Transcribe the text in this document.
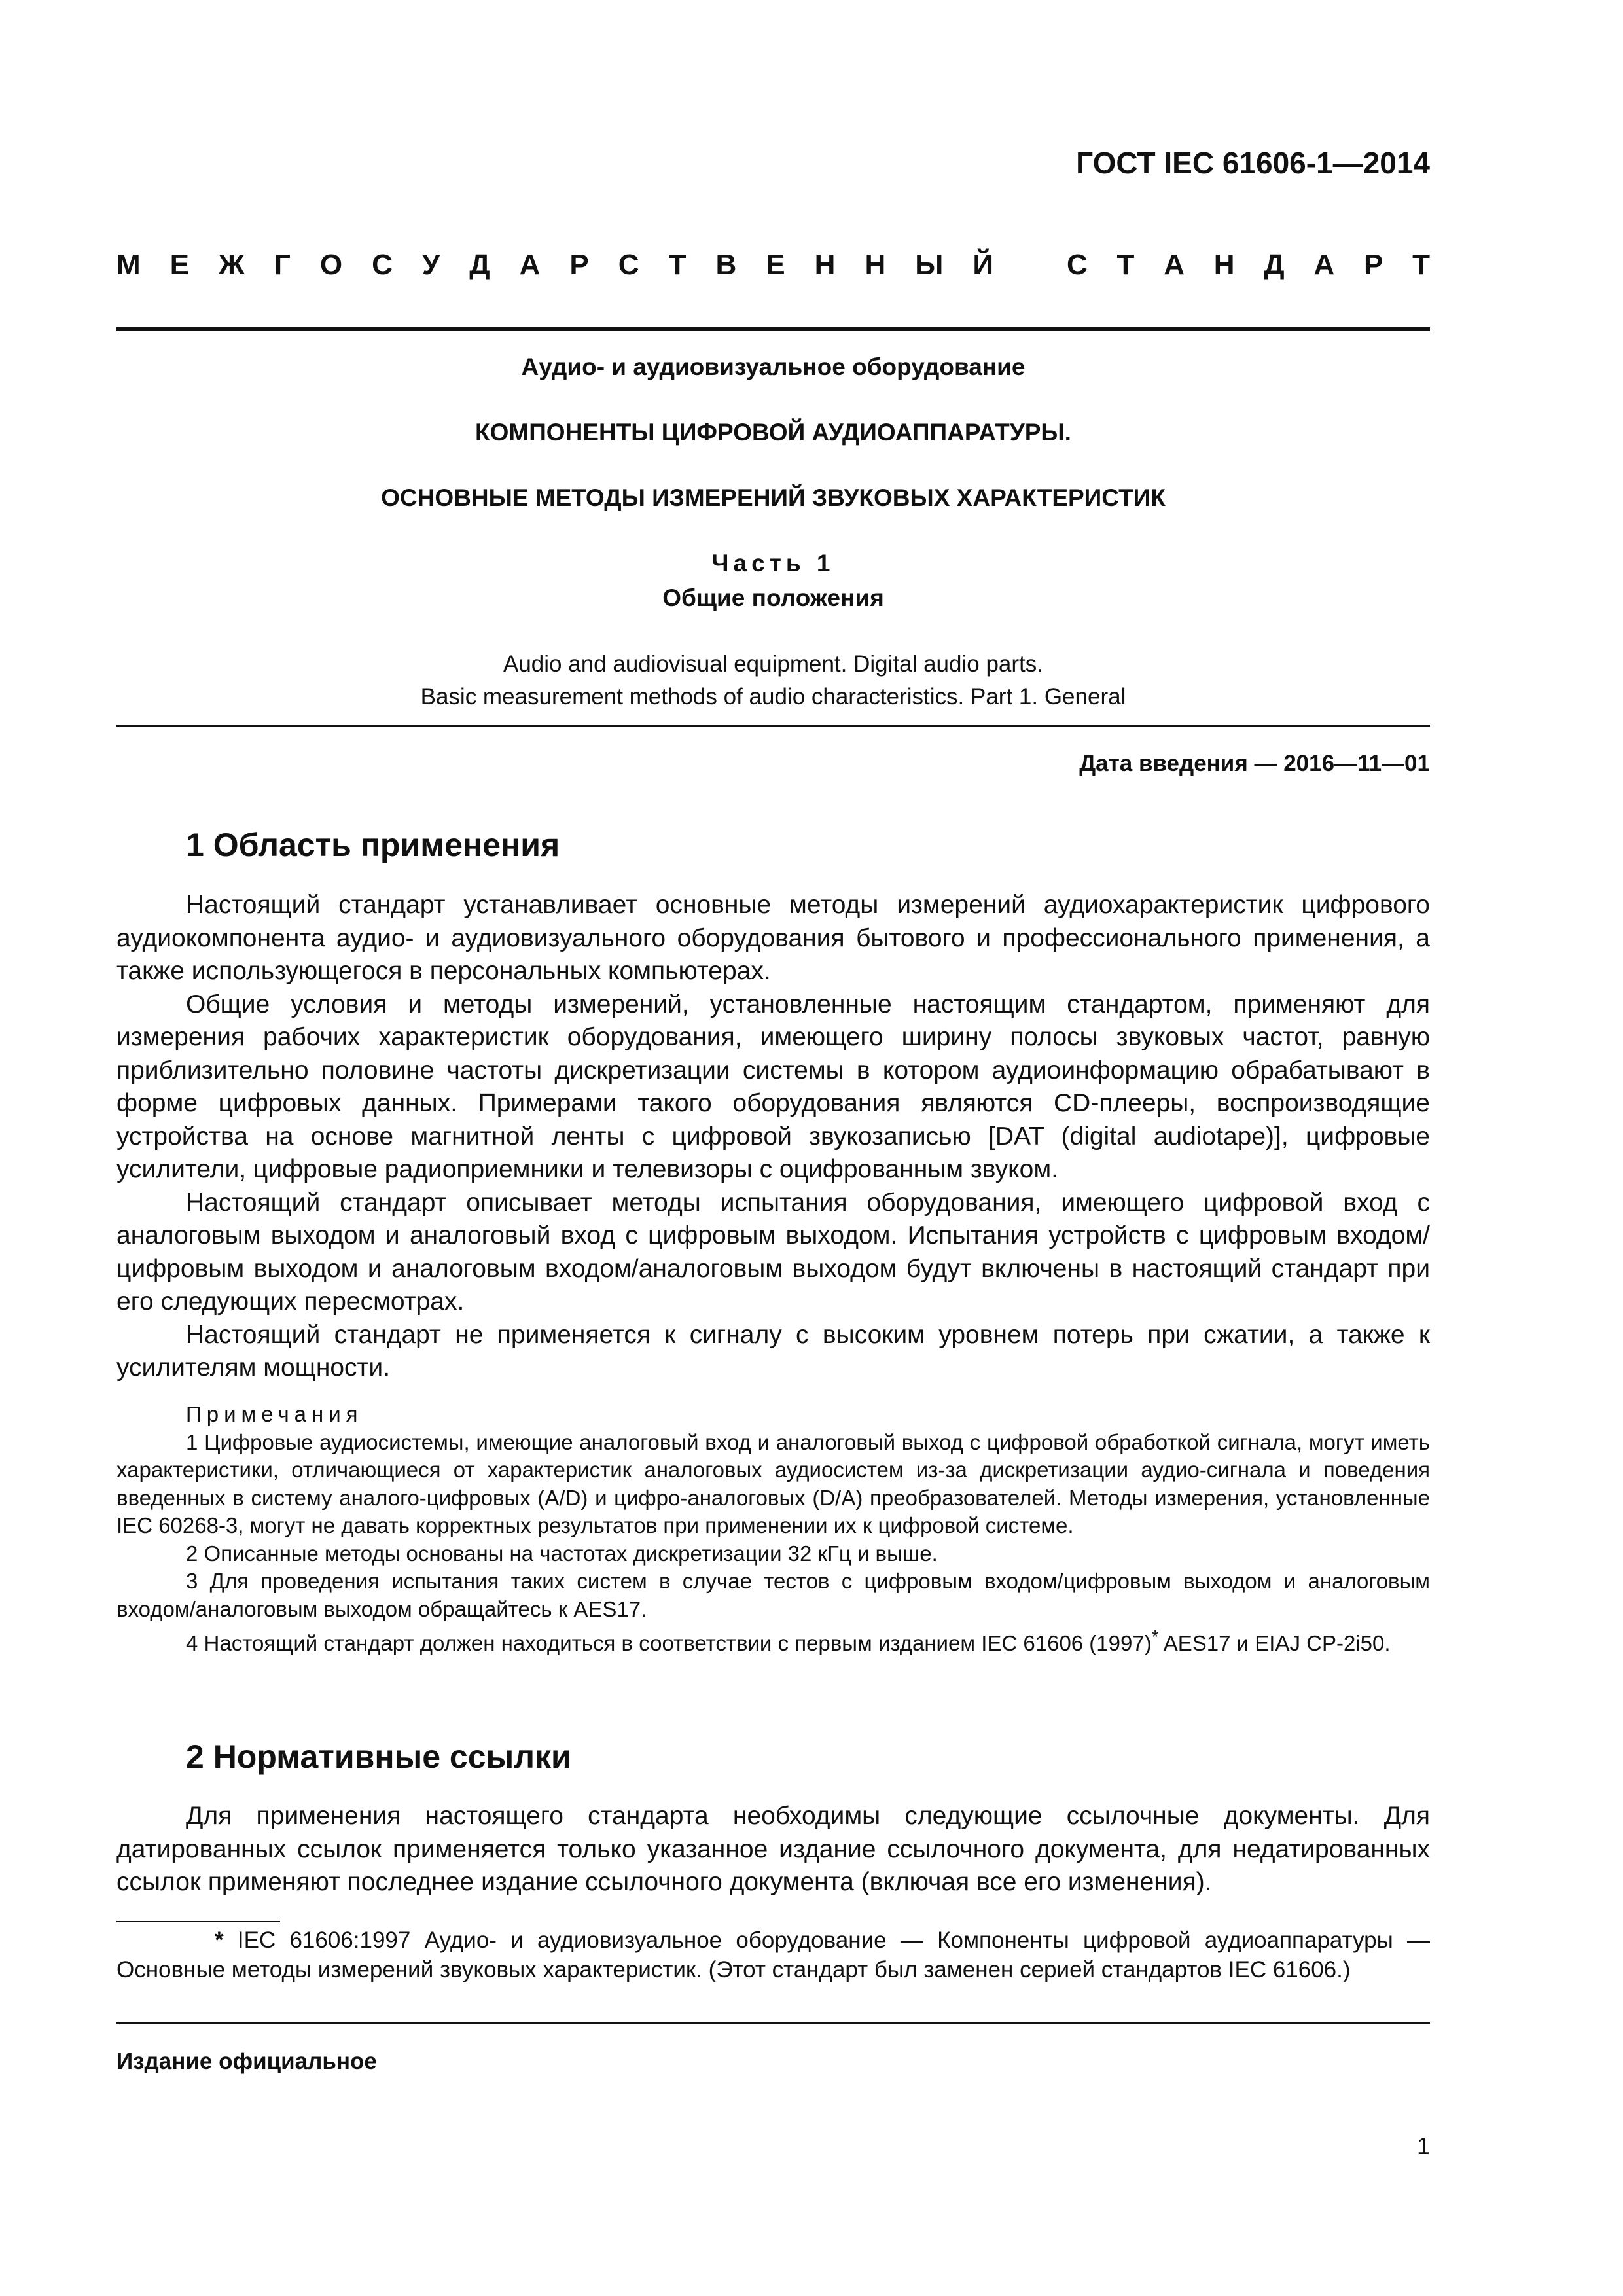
ГОСТ IEC 61606-1—2014
М Е Ж Г О С У Д А Р С Т В Е Н Н Ы Й	С Т А Н Д А Р Т
Аудио- и аудиовизуальное оборудование
КОМПОНЕНТЫ ЦИФРОВОЙ АУДИОАППАРАТУРЫ.
ОСНОВНЫЕ МЕТОДЫ ИЗМЕРЕНИЙ ЗВУКОВЫХ ХАРАКТЕРИСТИК
Часть 1
Общие положения
Audio and audiovisual equipment. Digital audio parts.
Basic measurement methods of audio characteristics. Part 1. General
Дата введения — 2016—11—01
1 Область применения

Настоящий стандарт устанавливает основные методы измерений аудиохарактеристик цифрового аудиокомпонента аудио- и аудиовизуального оборудования бытового и профессионального применения, а также использующегося в персональных компьютерах.

Общие условия и методы измерений, установленные настоящим стандартом, применяют для измерения рабочих характеристик оборудования, имеющего ширину полосы звуковых частот, равную приблизительно половине частоты дискретизации системы в котором аудиоинформацию обрабатывают в форме цифровых данных. Примерами такого оборудования являются CD-плееры, воспроизводящие устройства на основе магнитной ленты с цифровой звукозаписью [DAT (digital audiotape)], цифровые усилители, цифровые радиоприемники и телевизоры с оцифрованным звуком.

Настоящий стандарт описывает методы испытания оборудования, имеющего цифровой вход с аналоговым выходом и аналоговый вход с цифровым выходом. Испытания устройств с цифровым входом/цифровым выходом и аналоговым входом/аналоговым выходом будут включены в настоящий стандарт при его следующих пересмотрах.

Настоящий стандарт не применяется к сигналу с высоким уровнем потерь при сжатии, а также к усилителям мощности.

Примечания

1 Цифровые аудиосистемы, имеющие аналоговый вход и аналоговый выход с цифровой обработкой сигнала, могут иметь характеристики, отличающиеся от характеристик аналоговых аудиосистем из-за дискретизации аудио-сигнала и поведения введенных в систему аналого-цифровых (A/D) и цифро-аналоговых (D/A) преобразователей. Методы измерения, установленные IEC 60268-3, могут не давать корректных результатов при применении их к цифровой системе.

2 Описанные методы основаны на частотах дискретизации 32 кГц и выше.

3 Для проведения испытания таких систем в случае тестов с цифровым входом/цифровым выходом и аналоговым входом/аналоговым выходом обращайтесь к AES17.

4 Настоящий стандарт должен находиться в соответствии с первым изданием IEC 61606 (1997)* AES17 и EIAJ CP-2i50.

2 Нормативные ссылки

Для применения настоящего стандарта необходимы следующие ссылочные документы. Для датированных ссылок применяется только указанное издание ссылочного документа, для недатированных ссылок применяют последнее издание ссылочного документа (включая все его изменения).

* IEC 61606:1997 Аудио- и аудиовизуальное оборудование — Компоненты цифровой аудиоаппаратуры — Основные методы измерений звуковых характеристик. (Этот стандарт был заменен серией стандартов IEC 61606.)

Издание официальное
1
